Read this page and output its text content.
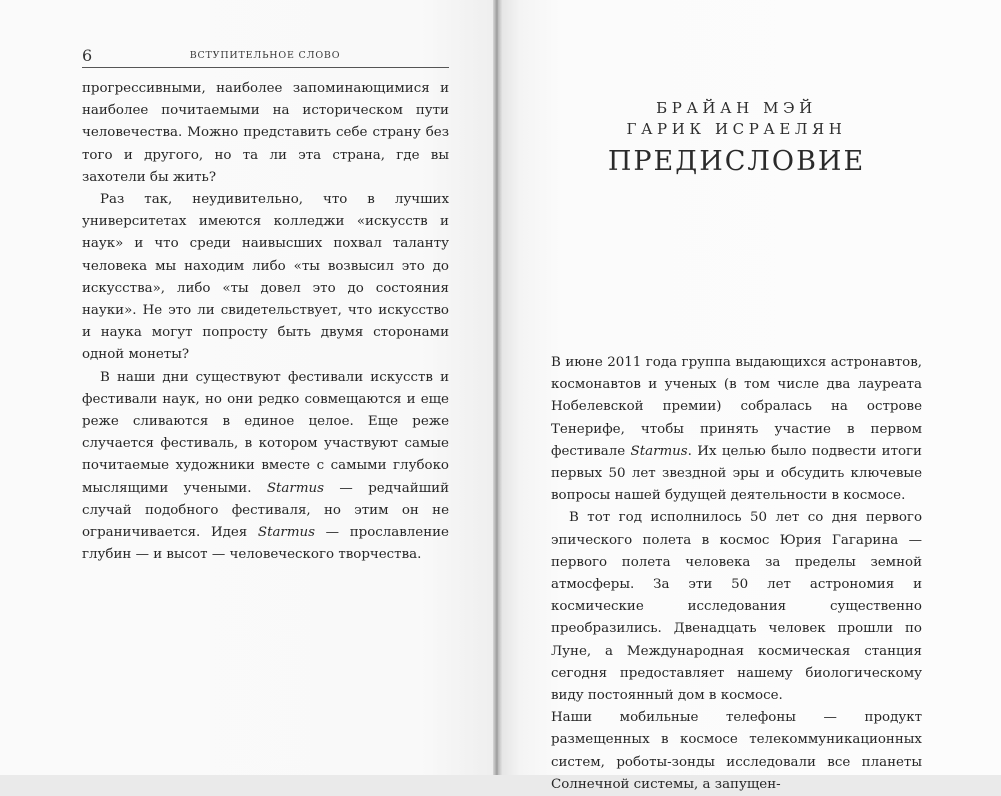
6	ВСТУПИТЕЛЬНОЕ СЛОВО

прогрессивными, наиболее запоминающимися и наиболее почитаемыми на историческом пути человечества. Можно представить себе страну без того и другого, но та ли эта страна, где вы захотели бы жить?

Раз так, неудивительно, что в лучших университетах имеются колледжи «искусств и наук» и что среди наивысших похвал таланту человека мы находим либо «ты возвысил это до искусства», либо «ты довел это до состояния науки». Не это ли свидетельствует, что искусство и наука могут попросту быть двумя сторонами одной монеты?

В наши дни существуют фестивали искусств и фестивали наук, но они редко совмещаются и еще реже сливаются в единое целое. Еще реже случается фестиваль, в котором участвуют самые почитаемые художники вместе с самыми глубоко мыслящими учеными. Starmus — редчайший случай подобного фестиваля, но этим он не ограничивается. Идея Starmus — прославление глубин — и высот — человеческого творчества.

БРАЙАН МЭЙ
ГАРИК ИСРАЕЛЯН
ПРЕДИСЛОВИЕ

В июне 2011 года группа выдающихся астронавтов, космонавтов и ученых (в том числе два лауреата Нобелевской премии) собралась на острове Тенерифе, чтобы принять участие в первом фестивале Starmus. Их целью было подвести итоги первых 50 лет звездной эры и обсудить ключевые вопросы нашей будущей деятельности в космосе.

В тот год исполнилось 50 лет со дня первого эпического полета в космос Юрия Гагарина — первого полета человека за пределы земной атмосферы. За эти 50 лет астрономия и космические исследования существенно преобразились. Двенадцать человек прошли по Луне, а Международная космическая станция сегодня предоставляет нашему биологическому виду постоянный дом в космосе.

Наши мобильные телефоны — продукт размещенных в космосе телекоммуникационных систем, роботы-зонды исследовали все планеты Солнечной системы, а запущен-
